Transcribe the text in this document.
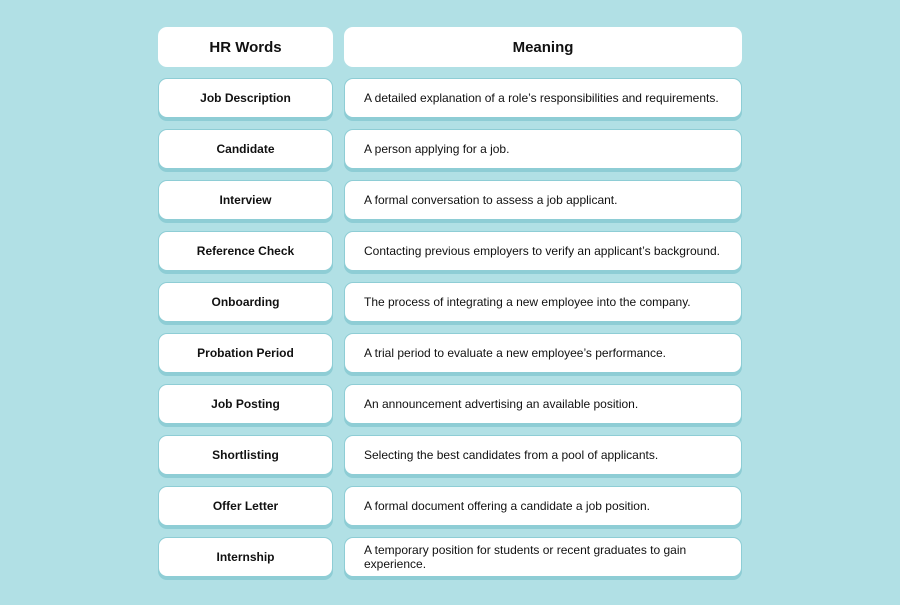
HR Words	Meaning
Job Description	A detailed explanation of a role’s responsibilities and requirements.
Candidate	A person applying for a job.
Interview	A formal conversation to assess a job applicant.
Reference Check	Contacting previous employers to verify an applicant’s background.
Onboarding	The process of integrating a new employee into the company.
Probation Period	A trial period to evaluate a new employee’s performance.
Job Posting	An announcement advertising an available position.
Shortlisting	Selecting the best candidates from a pool of applicants.
Offer Letter	A formal document offering a candidate a job position.
Internship	A temporary position for students or recent graduates to gain experience.
